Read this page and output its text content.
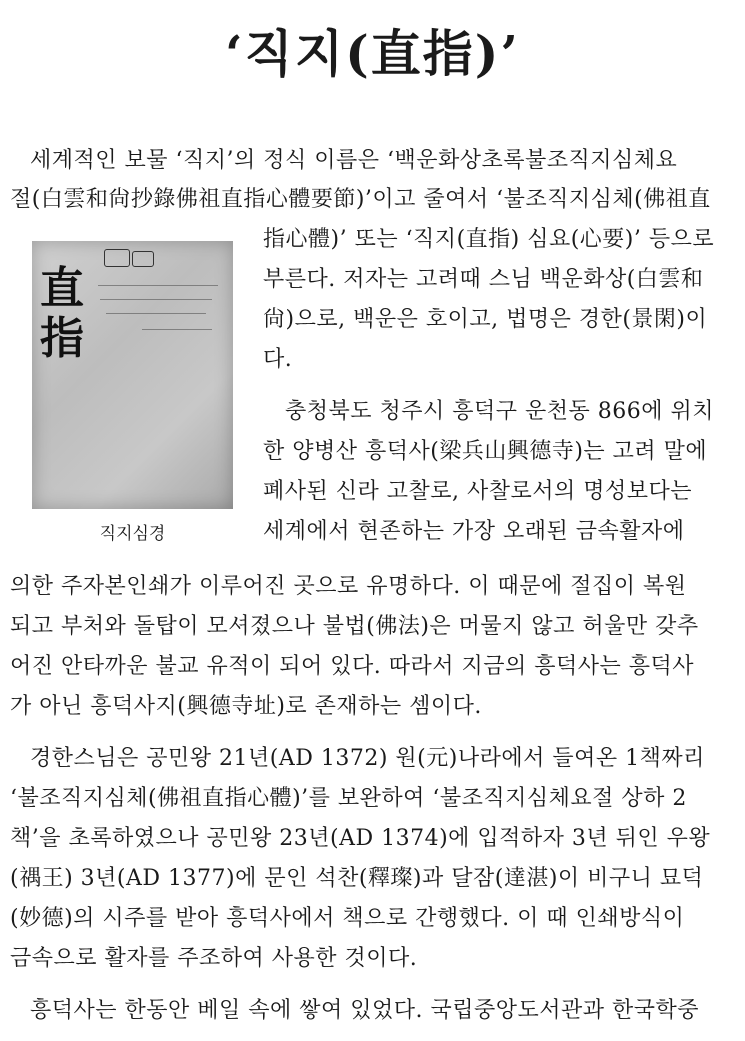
‘직지(直指)’
直
指
직지심경
세계적인 보물 ‘직지’의 정식 이름은 ‘백운화상초록불조직지심체요
절(白雲和尙抄錄佛祖直指心體要節)’이고 줄여서 ‘불조직지심체(佛祖直
指心體)’ 또는 ‘직지(直指) 심요(心要)’ 등으로
부른다. 저자는 고려때 스님 백운화상(白雲和
尙)으로, 백운은 호이고, 법명은 경한(景閑)이
다.
충청북도 청주시 흥덕구 운천동 866에 위치
한 양병산 흥덕사(梁兵山興德寺)는 고려 말에
폐사된 신라 고찰로, 사찰로서의 명성보다는
세계에서 현존하는 가장 오래된 금속활자에
의한 주자본인쇄가 이루어진 곳으로 유명하다. 이 때문에 절집이 복원
되고 부처와 돌탑이 모셔졌으나 불법(佛法)은 머물지 않고 허울만 갖추
어진 안타까운 불교 유적이 되어 있다. 따라서 지금의 흥덕사는 흥덕사
가 아닌 흥덕사지(興德寺址)로 존재하는 셈이다.
경한스님은 공민왕 21년(AD 1372) 원(元)나라에서 들여온 1책짜리
‘불조직지심체(佛祖直指心體)’를 보완하여 ‘불조직지심체요절 상하 2
책’을 초록하였으나 공민왕 23년(AD 1374)에 입적하자 3년 뒤인 우왕
(禑王) 3년(AD 1377)에 문인 석찬(釋璨)과 달잠(達湛)이 비구니 묘덕
(妙德)의 시주를 받아 흥덕사에서 책으로 간행했다. 이 때 인쇄방식이
금속으로 활자를 주조하여 사용한 것이다.
흥덕사는 한동안 베일 속에 쌓여 있었다. 국립중앙도서관과 한국학중
